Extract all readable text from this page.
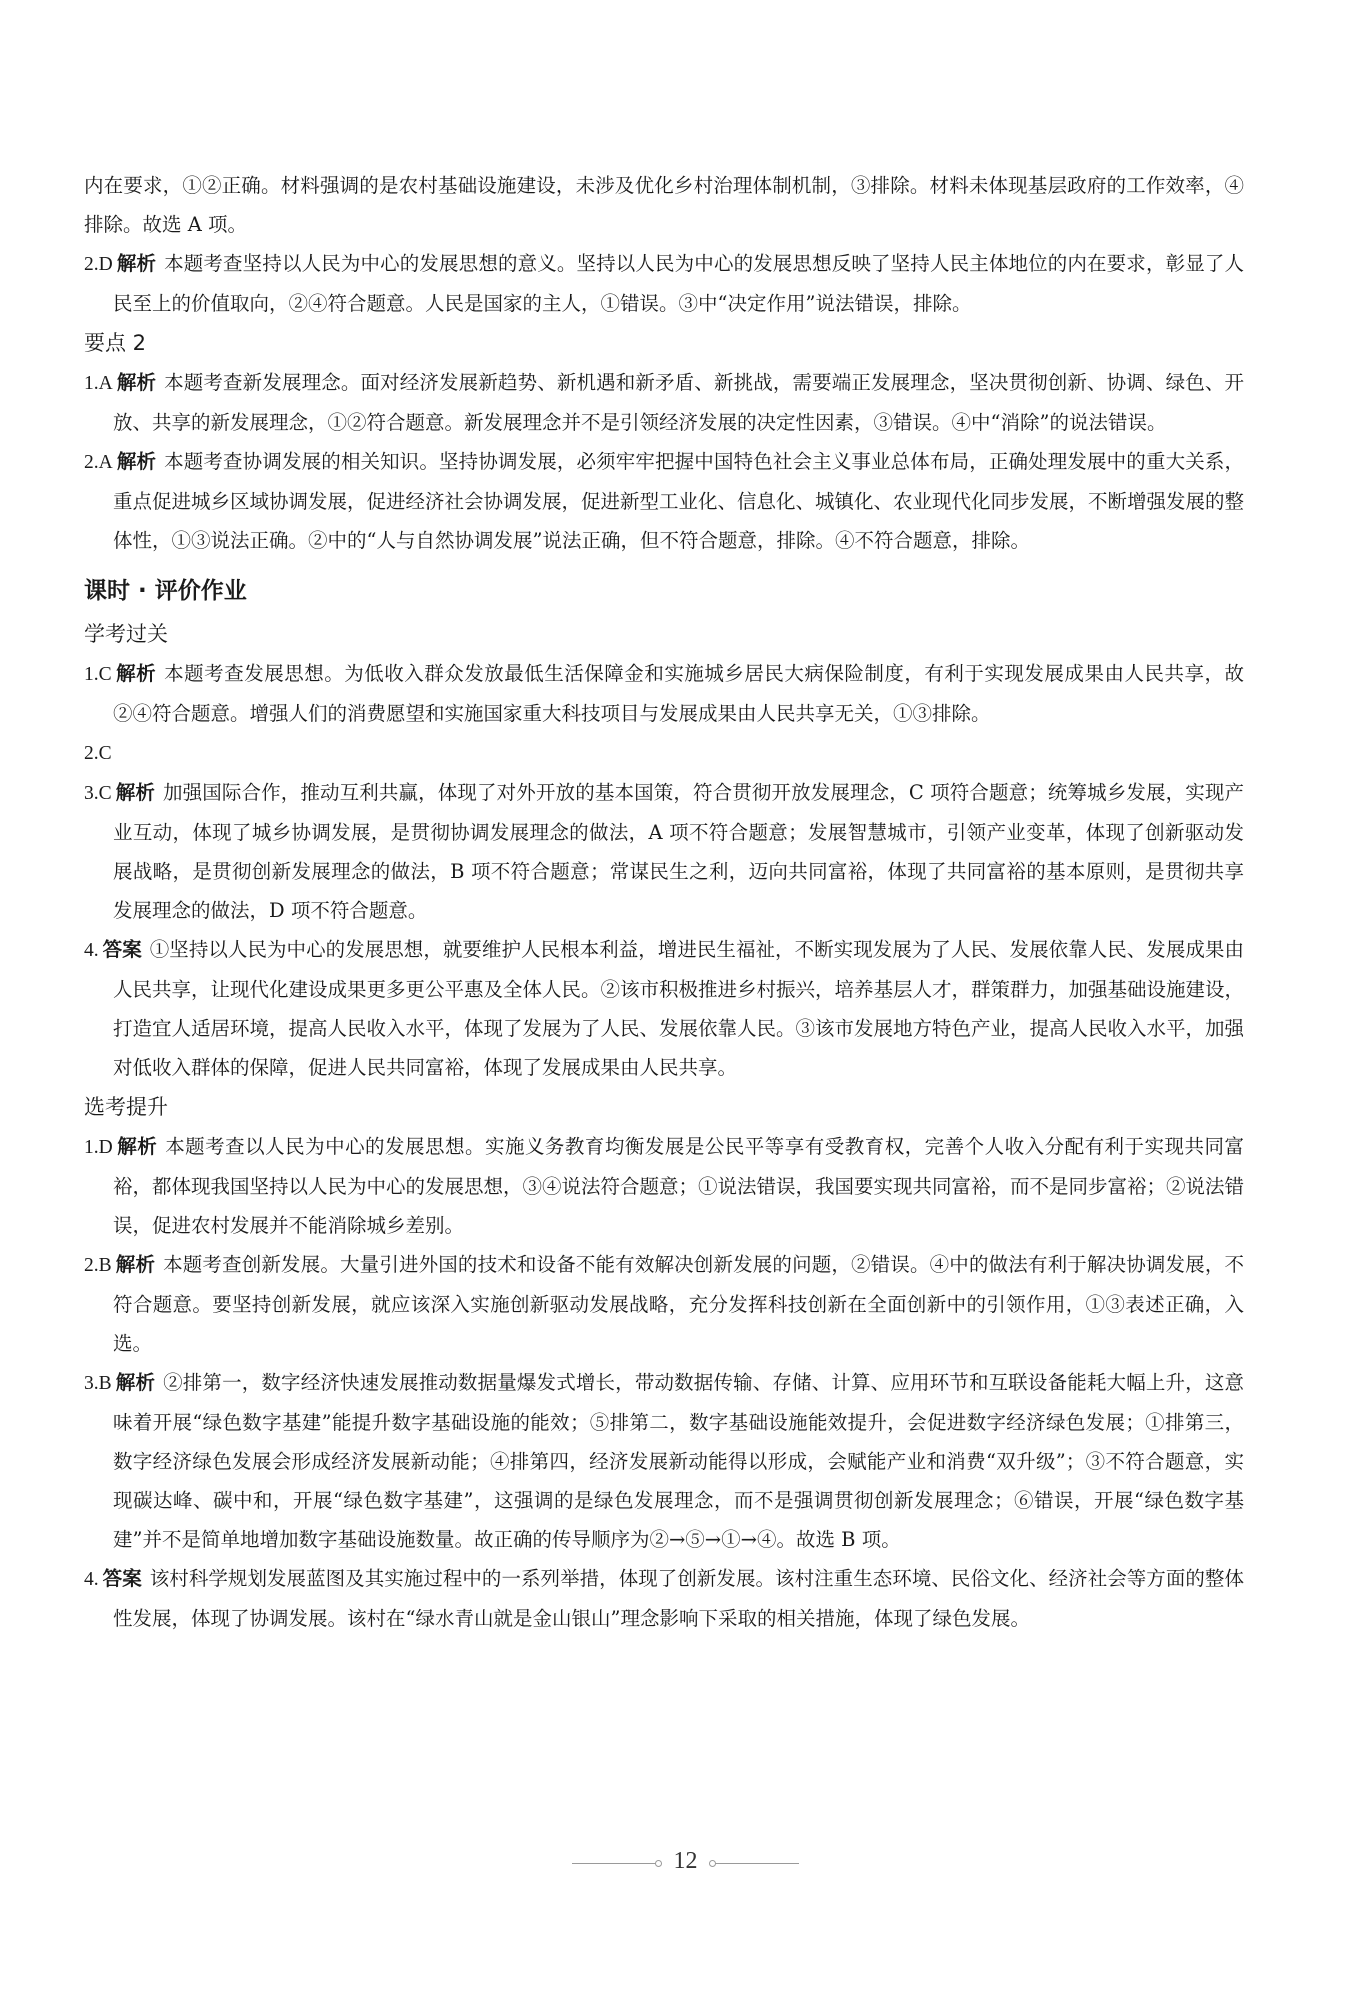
内在要求，①②正确。材料强调的是农村基础设施建设，未涉及优化乡村治理体制机制，③排除。材料未体现基层政府的工作效率，④排除。故选 A 项。

2.D 解析 本题考查坚持以人民为中心的发展思想的意义。坚持以人民为中心的发展思想反映了坚持人民主体地位的内在要求，彰显了人民至上的价值取向，②④符合题意。人民是国家的主人，①错误。③中“决定作用”说法错误，排除。

要点 2

1.A 解析 本题考查新发展理念。面对经济发展新趋势、新机遇和新矛盾、新挑战，需要端正发展理念，坚决贯彻创新、协调、绿色、开放、共享的新发展理念，①②符合题意。新发展理念并不是引领经济发展的决定性因素，③错误。④中“消除”的说法错误。

2.A 解析 本题考查协调发展的相关知识。坚持协调发展，必须牢牢把握中国特色社会主义事业总体布局，正确处理发展中的重大关系，重点促进城乡区域协调发展，促进经济社会协调发展，促进新型工业化、信息化、城镇化、农业现代化同步发展，不断增强发展的整体性，①③说法正确。②中的“人与自然协调发展”说法正确，但不符合题意，排除。④不符合题意，排除。

课时 · 评价作业
学考过关

1.C 解析 本题考查发展思想。为低收入群众发放最低生活保障金和实施城乡居民大病保险制度，有利于实现发展成果由人民共享，故②④符合题意。增强人们的消费愿望和实施国家重大科技项目与发展成果由人民共享无关，①③排除。

2.C

3.C 解析 加强国际合作，推动互利共赢，体现了对外开放的基本国策，符合贯彻开放发展理念，C 项符合题意；统筹城乡发展，实现产业互动，体现了城乡协调发展，是贯彻协调发展理念的做法，A 项不符合题意；发展智慧城市，引领产业变革，体现了创新驱动发展战略，是贯彻创新发展理念的做法，B 项不符合题意；常谋民生之利，迈向共同富裕，体现了共同富裕的基本原则，是贯彻共享发展理念的做法，D 项不符合题意。

4. 答案 ①坚持以人民为中心的发展思想，就要维护人民根本利益，增进民生福祉，不断实现发展为了人民、发展依靠人民、发展成果由人民共享，让现代化建设成果更多更公平惠及全体人民。②该市积极推进乡村振兴，培养基层人才，群策群力，加强基础设施建设，打造宜人适居环境，提高人民收入水平，体现了发展为了人民、发展依靠人民。③该市发展地方特色产业，提高人民收入水平，加强对低收入群体的保障，促进人民共同富裕，体现了发展成果由人民共享。

选考提升

1.D 解析 本题考查以人民为中心的发展思想。实施义务教育均衡发展是公民平等享有受教育权，完善个人收入分配有利于实现共同富裕，都体现我国坚持以人民为中心的发展思想，③④说法符合题意；①说法错误，我国要实现共同富裕，而不是同步富裕；②说法错误，促进农村发展并不能消除城乡差别。

2.B 解析 本题考查创新发展。大量引进外国的技术和设备不能有效解决创新发展的问题，②错误。④中的做法有利于解决协调发展，不符合题意。要坚持创新发展，就应该深入实施创新驱动发展战略，充分发挥科技创新在全面创新中的引领作用，①③表述正确，入选。

3.B 解析 ②排第一，数字经济快速发展推动数据量爆发式增长，带动数据传输、存储、计算、应用环节和互联设备能耗大幅上升，这意味着开展“绿色数字基建”能提升数字基础设施的能效；⑤排第二，数字基础设施能效提升，会促进数字经济绿色发展；①排第三，数字经济绿色发展会形成经济发展新动能；④排第四，经济发展新动能得以形成，会赋能产业和消费“双升级”；③不符合题意，实现碳达峰、碳中和，开展“绿色数字基建”，这强调的是绿色发展理念，而不是强调贯彻创新发展理念；⑥错误，开展“绿色数字基建”并不是简单地增加数字基础设施数量。故正确的传导顺序为②→⑤→①→④。故选 B 项。

4. 答案 该村科学规划发展蓝图及其实施过程中的一系列举措，体现了创新发展。该村注重生态环境、民俗文化、经济社会等方面的整体性发展，体现了协调发展。该村在“绿水青山就是金山银山”理念影响下采取的相关措施，体现了绿色发展。

12
